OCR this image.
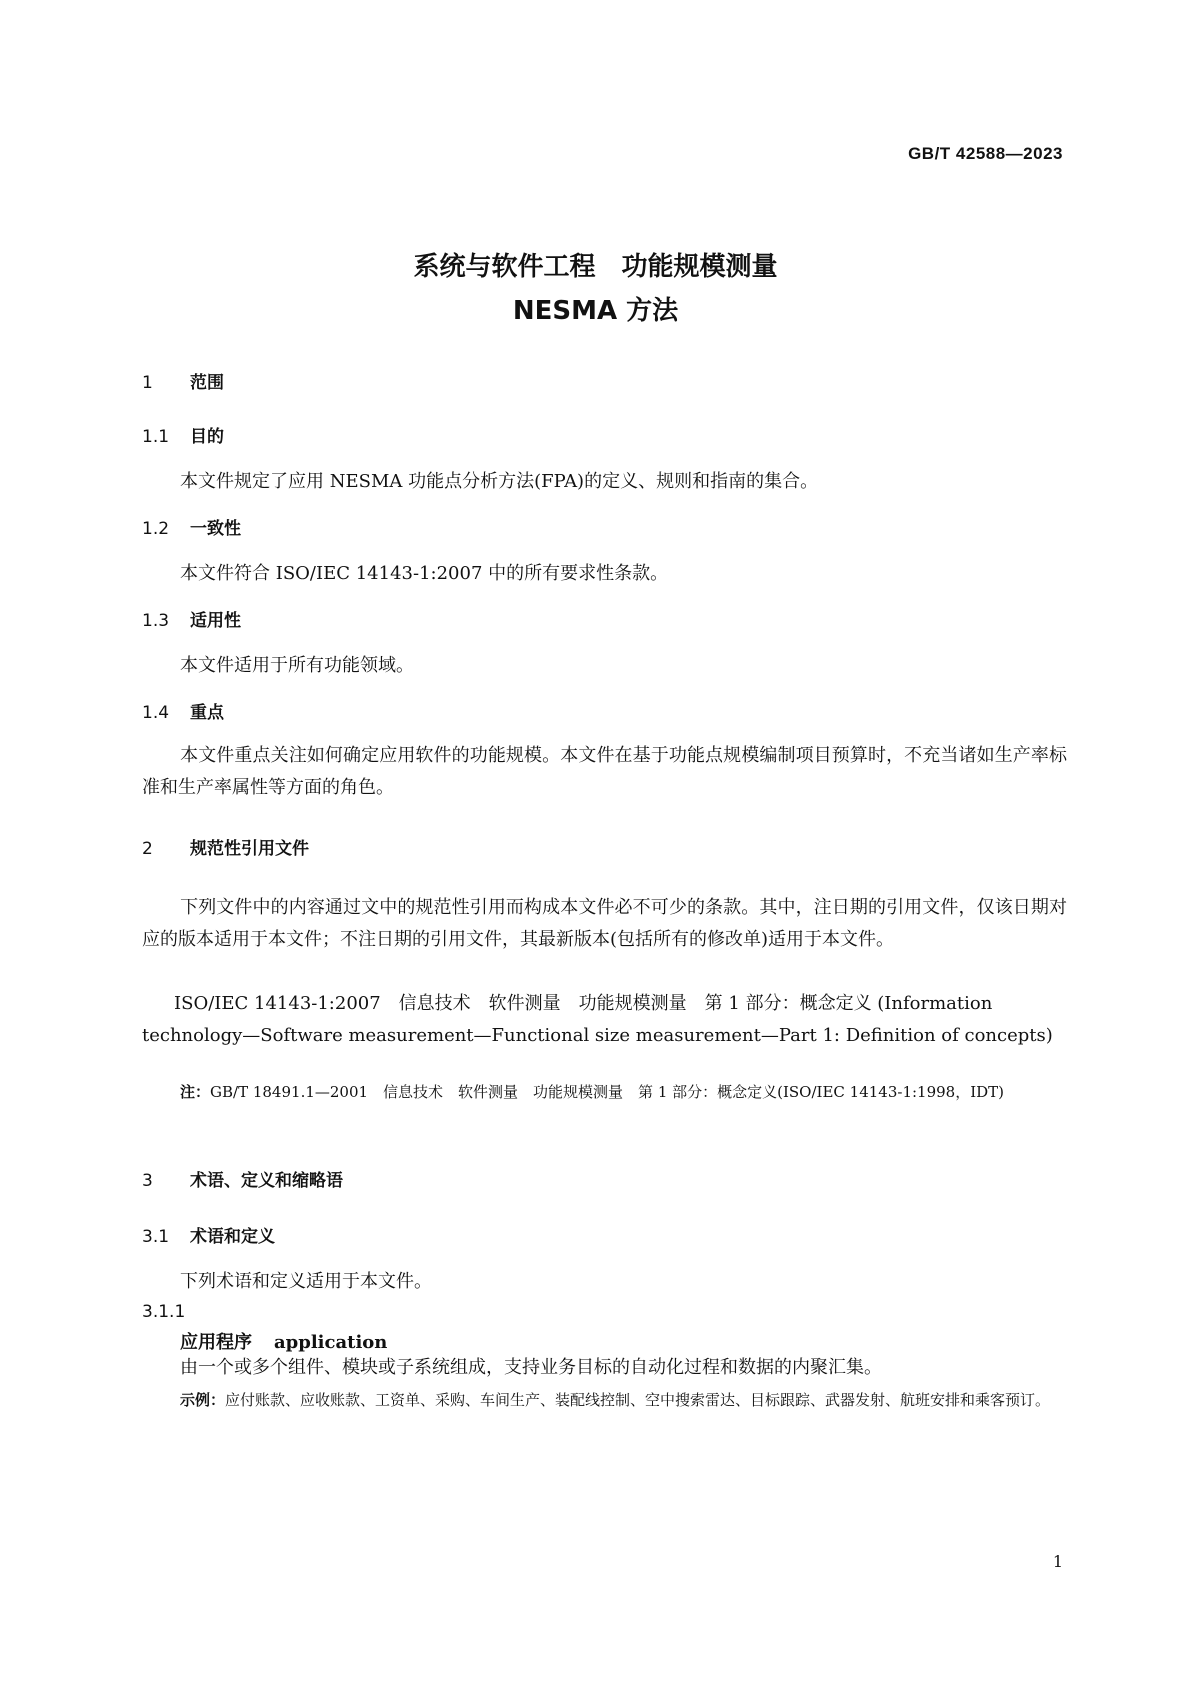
GB/T 42588—2023
系统与软件工程　功能规模测量
NESMA 方法
1 范围
1.1 目的
本文件规定了应用 NESMA 功能点分析方法(FPA)的定义、规则和指南的集合。
1.2 一致性
本文件符合 ISO/IEC 14143-1:2007 中的所有要求性条款。
1.3 适用性
本文件适用于所有功能领域。
1.4 重点
本文件重点关注如何确定应用软件的功能规模。本文件在基于功能点规模编制项目预算时，不充当诸如生产率标准和生产率属性等方面的角色。
2 规范性引用文件
下列文件中的内容通过文中的规范性引用而构成本文件必不可少的条款。其中，注日期的引用文件，仅该日期对应的版本适用于本文件；不注日期的引用文件，其最新版本(包括所有的修改单)适用于本文件。
ISO/IEC 14143-1:2007　信息技术　软件测量　功能规模测量　第 1 部分：概念定义 (Information technology—Software measurement—Functional size measurement—Part 1: Definition of concepts)
注：GB/T 18491.1—2001　信息技术　软件测量　功能规模测量　第 1 部分：概念定义(ISO/IEC 14143-1:1998，IDT)
3 术语、定义和缩略语
3.1 术语和定义
下列术语和定义适用于本文件。
3.1.1
应用程序 application
由一个或多个组件、模块或子系统组成，支持业务目标的自动化过程和数据的内聚汇集。
示例：应付账款、应收账款、工资单、采购、车间生产、装配线控制、空中搜索雷达、目标跟踪、武器发射、航班安排和乘客预订。
1
